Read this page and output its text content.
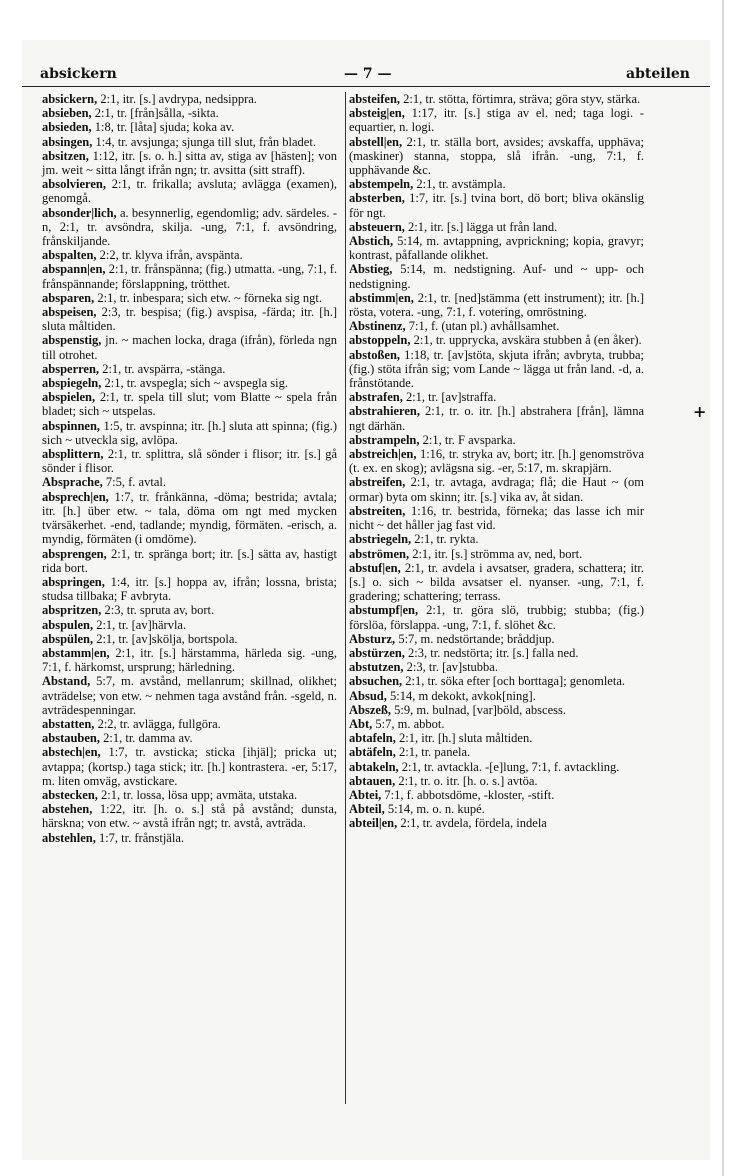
absickern	— 7 —	abteilen

absickern, 2:1, itr. [s.] avdrypa, nedsippra.

absieben, 2:1, tr. [från]sålla, -sikta.

absieden, 1:8, tr. [låta] sjuda; koka av.

absingen, 1:4, tr. avsjunga; sjunga till slut, från bladet.

absitzen, 1:12, itr. [s. o. h.] sitta av, stiga av [hästen]; von jm. weit ~ sitta långt ifrån ngn; tr. avsitta (sitt straff).

absolvieren, 2:1, tr. frikalla; avsluta; avlägga (examen), genomgå.

absonder|lich, a. besynnerlig, egendomlig; adv. särdeles. -n, 2:1, tr. avsöndra, skilja. -ung, 7:1, f. avsöndring, frånskiljande.

abspalten, 2:2, tr. klyva ifrån, avspänta.

abspann|en, 2:1, tr. frånspänna; (fig.) utmatta. -ung, 7:1, f. frånspännande; förslappning, trötthet.

absparen, 2:1, tr. inbespara; sich etw. ~ förneka sig ngt.

abspeisen, 2:3, tr. bespisa; (fig.) avspisa, -färda; itr. [h.] sluta måltiden.

abspenstig, jn. ~ machen locka, draga (ifrån), förleda ngn till otrohet.

absperren, 2:1, tr. avspärra, -stänga.

abspiegeln, 2:1, tr. avspegla; sich ~ avspegla sig.

abspielen, 2:1, tr. spela till slut; vom Blatte ~ spela från bladet; sich ~ utspelas.

abspinnen, 1:5, tr. avspinna; itr. [h.] sluta att spinna; (fig.) sich ~ utveckla sig, avlöpa.

absplittern, 2:1, tr. splittra, slå sönder i flisor; itr. [s.] gå sönder i flisor.

Absprache, 7:5, f. avtal.

absprech|en, 1:7, tr. frånkänna, -döma; bestrida; avtala; itr. [h.] über etw. ~ tala, döma om ngt med mycken tvärsäkerhet. -end, tadlande; myndig, förmäten. -erisch, a. myndig, förmäten (i omdöme).

absprengen, 2:1, tr. spränga bort; itr. [s.] sätta av, hastigt rida bort.

abspringen, 1:4, itr. [s.] hoppa av, ifrån; lossna, brista; studsa tillbaka; F avbryta.

abspritzen, 2:3, tr. spruta av, bort.

abspulen, 2:1, tr. [av]härvla.

abspülen, 2:1, tr. [av]skölja, bortspola.

abstamm|en, 2:1, itr. [s.] härstamma, härleda sig. -ung, 7:1, f. härkomst, ursprung; härledning.

Abstand, 5:7, m. avstånd, mellanrum; skillnad, olikhet; avträdelse; von etw. ~ nehmen taga avstånd från. -sgeld, n. avträdespenningar.

abstatten, 2:2, tr. avlägga, fullgöra.

abstauben, 2:1, tr. damma av.

abstech|en, 1:7, tr. avsticka; sticka [ihjäl]; pricka ut; avtappa; (kortsp.) taga stick; itr. [h.] kontrastera. -er, 5:17, m. liten omväg, avstickare.

abstecken, 2:1, tr. lossa, lösa upp; avmäta, utstaka.

abstehen, 1:22, itr. [h. o. s.] stå på avstånd; dunsta, härskna; von etw. ~ avstå ifrån ngt; tr. avstå, avträda.

abstehlen, 1:7, tr. frånstjäla.

absteifen, 2:1, tr. stötta, förtimra, sträva; göra styv, stärka.

absteig|en, 1:17, itr. [s.] stiga av el. ned; taga logi. -equartier, n. logi.

abstell|en, 2:1, tr. ställa bort, avsides; avskaffa, upphäva; (maskiner) stanna, stoppa, slå ifrån. -ung, 7:1, f. upphävande &c.

abstempeln, 2:1, tr. avstämpla.

absterben, 1:7, itr. [s.] tvina bort, dö bort; bliva okänslig för ngt.

absteuern, 2:1, itr. [s.] lägga ut från land.

Abstich, 5:14, m. avtappning, avprickning; kopia, gravyr; kontrast, påfallande olikhet.

Abstieg, 5:14, m. nedstigning. Auf- und ~ upp- och nedstigning.

abstimm|en, 2:1, tr. [ned]stämma (ett instrument); itr. [h.] rösta, votera. -ung, 7:1, f. votering, omröstning.

Abstinenz, 7:1, f. (utan pl.) avhållsamhet.

abstoppeln, 2:1, tr. upprycka, avskära stubben å (en åker).

abstoßen, 1:18, tr. [av]stöta, skjuta ifrån; avbryta, trubba; (fig.) stöta ifrån sig; vom Lande ~ lägga ut från land. -d, a. frånstötande.

abstrafen, 2:1, tr. [av]straffa.

abstrahieren, 2:1, tr. o. itr. [h.] abstrahera [från], lämna ngt därhän.

abstrampeln, 2:1, tr. F avsparka.

abstreich|en, 1:16, tr. stryka av, bort; itr. [h.] genomströva (t. ex. en skog); avlägsna sig. -er, 5:17, m. skrapjärn.

abstreifen, 2:1, tr. avtaga, avdraga; flå; die Haut ~ (om ormar) byta om skinn; itr. [s.] vika av, åt sidan.

abstreiten, 1:16, tr. bestrida, förneka; das lasse ich mir nicht ~ det håller jag fast vid.

abstriegeln, 2:1, tr. rykta.

abströmen, 2:1, itr. [s.] strömma av, ned, bort.

abstuf|en, 2:1, tr. avdela i avsatser, gradera, schattera; itr. [s.] o. sich ~ bilda avsatser el. nyanser. -ung, 7:1, f. gradering; schattering; terrass.

abstumpf|en, 2:1, tr. göra slö, trubbig; stubba; (fig.) förslöa, förslappa. -ung, 7:1, f. slöhet &c.

Absturz, 5:7, m. nedstörtande; bråddjup.

abstürzen, 2:3, tr. nedstörta; itr. [s.] falla ned.

abstutzen, 2:3, tr. [av]stubba.

absuchen, 2:1, tr. söka efter [och borttaga]; genomleta.

Absud, 5:14, m dekokt, avkok[ning].

Abszeß, 5:9, m. bulnad, [var]böld, abscess.

Abt, 5:7, m. abbot.

abtafeln, 2:1, itr. [h.] sluta måltiden.

abtäfeln, 2:1, tr. panela.

abtakeln, 2:1, tr. avtackla. -[e]lung, 7:1, f. avtackling.

abtauen, 2:1, tr. o. itr. [h. o. s.] avtöa.

Abtei, 7:1, f. abbotsdöme, -kloster, -stift.

Abteil, 5:14, m. o. n. kupé.

abteil|en, 2:1, tr. avdela, fördela, indela

+
